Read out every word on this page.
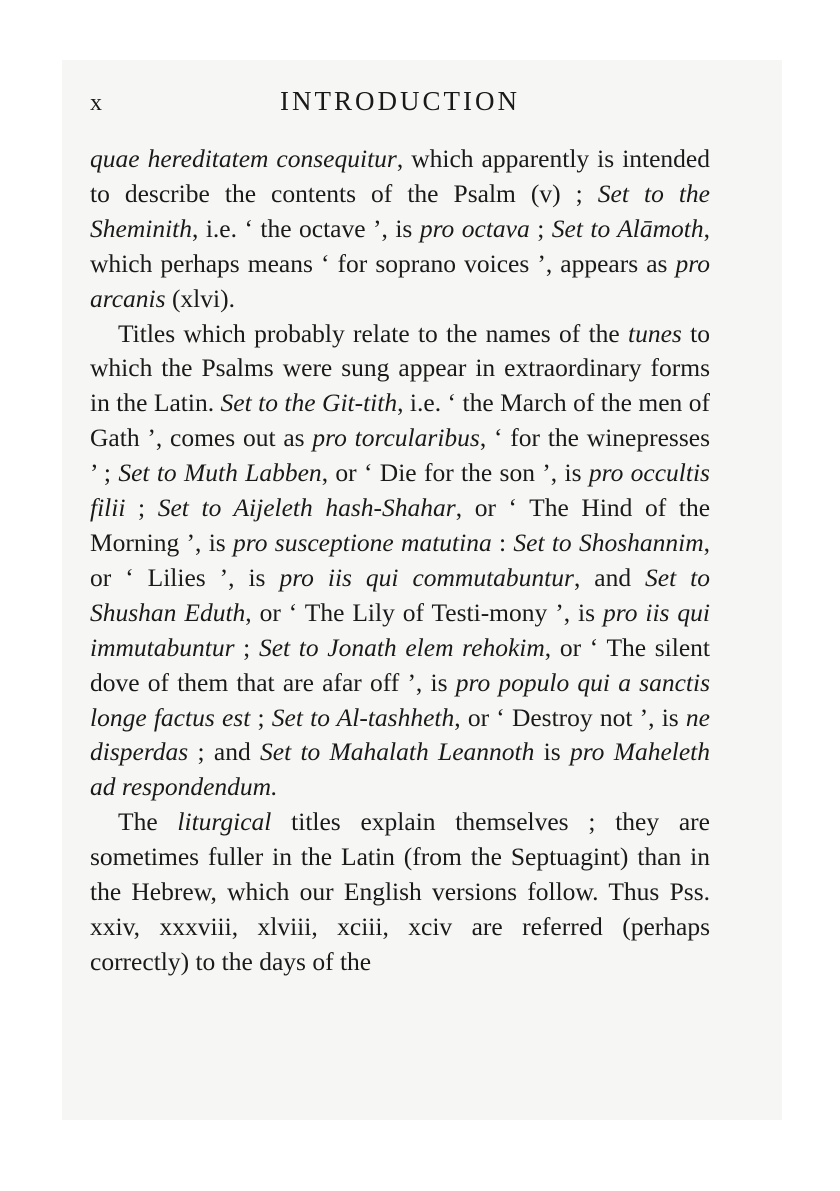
x	INTRODUCTION

quae hereditatem consequitur, which apparently is intended to describe the contents of the Psalm (v) ; Set to the Sheminith, i.e. ‘ the octave ’, is pro octava ; Set to Alāmoth, which perhaps means ‘ for soprano voices ’, appears as pro arcanis (xlvi).

Titles which probably relate to the names of the tunes to which the Psalms were sung appear in extraordinary forms in the Latin. Set to the Git-tith, i.e. ‘ the March of the men of Gath ’, comes out as pro torcularibus, ‘ for the winepresses ’ ; Set to Muth Labben, or ‘ Die for the son ’, is pro occultis filii ; Set to Aijeleth hash-Shahar, or ‘ The Hind of the Morning ’, is pro susceptione matutina : Set to Shoshannim, or ‘ Lilies ’, is pro iis qui commutabuntur, and Set to Shushan Eduth, or ‘ The Lily of Testi-mony ’, is pro iis qui immutabuntur ; Set to Jonath elem rehokim, or ‘ The silent dove of them that are afar off ’, is pro populo qui a sanctis longe factus est ; Set to Al-tashheth, or ‘ Destroy not ’, is ne disperdas ; and Set to Mahalath Leannoth is pro Maheleth ad respondendum.

The liturgical titles explain themselves ; they are sometimes fuller in the Latin (from the Septuagint) than in the Hebrew, which our English versions follow. Thus Pss. xxiv, xxxviii, xlviii, xciii, xciv are referred (perhaps correctly) to the days of the
